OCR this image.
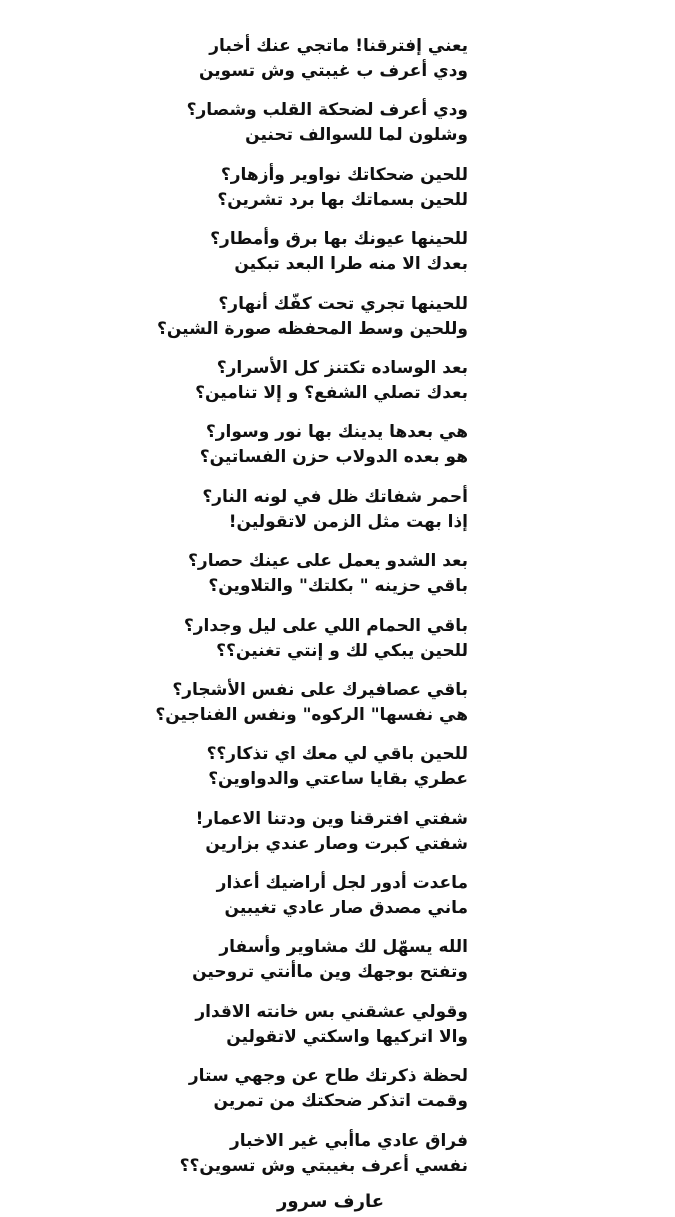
يعني إفترقنا! ماتجي عنك أخبار
ودي أعرف ب غيبتي وش تسوين
ودي أعرف لضحكة القلب وشصار؟
وشلون لما للسوالف تحنين
للحين ضحكاتك نواوير وأزهار؟
للحين بسماتك بها برد تشرين؟
للحينها عيونك بها برق وأمطار؟
بعدك الا منه طرا البعد تبكين
للحينها تجري تحت كفّك أنهار؟
وللحين وسط المحفظه صورة الشين؟
بعد الوساده تكتنز كل الأسرار؟
بعدك تصلي الشفع؟ و إلا تنامين؟
هي بعدها يدينك بها نور وسوار؟
هو بعده الدولاب حزن الفساتين؟
أحمر شفاتك ظل في لونه النار؟
إذا بهت مثل الزمن لاتقولين!
بعد الشدو يعمل على عينك حصار؟
باقي حزينه " بكلتك" والتلاوين؟
باقي الحمام اللي على ليل وجدار؟
للحين يبكي لك و إنتي تغنين؟؟
باقي عصافيرك على نفس الأشجار؟
هي نفسها" الركوه" ونفس الفناجين؟
للحين باقي لي معك اي تذكار؟؟
عطري بقايا ساعتي والدواوين؟
شفتي افترقنا وين ودتنا الاعمار!
شفتي كبرت وصار عندي بزارين
ماعدت أدور لجل أراضيك أعذار
ماني مصدق صار عادي تغيبين
الله يسهّل لك مشاوير وأسفار
وتفتح بوجهك وين ماأنتي تروحين
وقولي عشقني بس خانته الاقدار
والا اتركيها واسكتي لاتقولين
لحظة ذكرتك طاح عن وجهي ستار
وقمت اتذكر ضحكتك من تمرين
فراق عادي ماأبي غير الاخبار
نفسي أعرف بغيبتي وش تسوين؟؟
عارف سرور
